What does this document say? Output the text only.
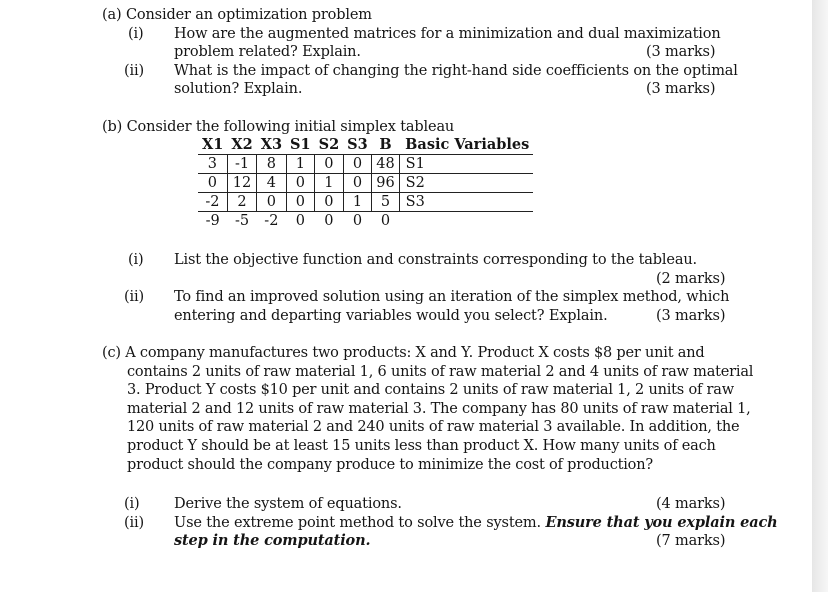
(a) Consider an optimization problem
(i) How are the augmented matrices for a minimization and dual maximization
problem related? Explain.	(3 marks)
(ii) What is the impact of changing the right-hand side coefficients on the optimal
solution? Explain.	(3 marks)
(b) Consider the following initial simplex tableau
X1	X2	X3	S1	S2	S3	B	Basic Variables
3	-1	8	1	0	0	48	S1
0	12	4	0	1	0	96	S2
-2	2	0	0	0	1	5	S3
-9	-5	-2	0	0	0	0	
(i) List the objective function and constraints corresponding to the tableau.
(2 marks)
(ii) To find an improved solution using an iteration of the simplex method, which
entering and departing variables would you select? Explain.	(3 marks)
(c) A company manufactures two products: X and Y. Product X costs $8 per unit and contains 2 units of raw material 1, 6 units of raw material 2 and 4 units of raw material 3. Product Y costs $10 per unit and contains 2 units of raw material 1, 2 units of raw material 2 and 12 units of raw material 3. The company has 80 units of raw material 1, 120 units of raw material 2 and 240 units of raw material 3 available. In addition, the product Y should be at least 15 units less than product X. How many units of each product should the company produce to minimize the cost of production?
(i) Derive the system of equations.	(4 marks)
(ii) Use the extreme point method to solve the system. Ensure that you explain each
step in the computation.	(7 marks)
